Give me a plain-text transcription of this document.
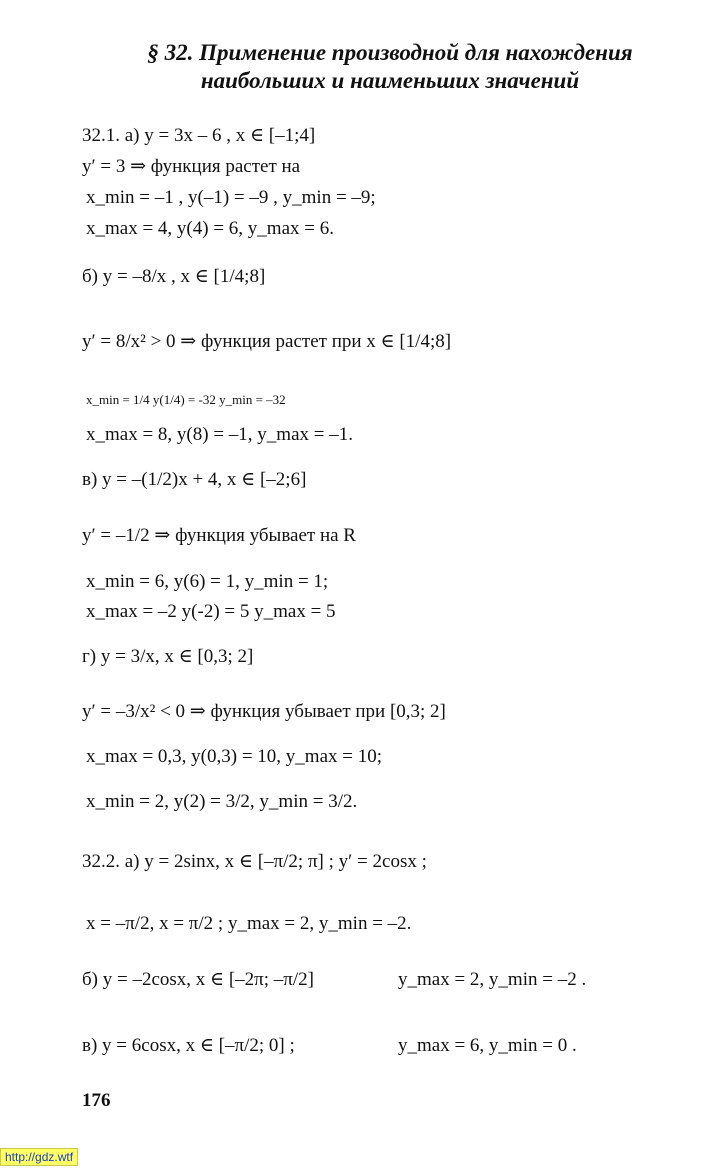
§ 32. Применение производной для нахождения
наибольших и наименьших значений
32.1. а) y = 3x – 6 , x ∈ [–1;4]
y′ = 3 ⇒ функция растет на
x_min = –1 , y(–1) = –9 , y_min = –9;
x_max = 4, y(4) = 6, y_max = 6.
б) y = –8/x , x ∈ [1/4;8]
y′ = 8/x² > 0 ⇒ функция растет при x ∈ [1/4;8]
x_min = 1/4 y(1/4) = -32 y_min = –32
x_max = 8, y(8) = –1, y_max = –1.
в) y = –(1/2)x + 4, x ∈ [–2;6]
y′ = –1/2 ⇒ функция убывает на R
x_min = 6, y(6) = 1, y_min = 1;
x_max = –2 y(-2) = 5 y_max = 5
г) y = 3/x, x ∈ [0,3; 2]
y′ = –3/x² < 0 ⇒ функция убывает при [0,3; 2]
x_max = 0,3, y(0,3) = 10, y_max = 10;
x_min = 2, y(2) = 3/2, y_min = 3/2.
32.2. а) y = 2sinx, x ∈ [–π/2; π] ; y′ = 2cosx ;
x = –π/2, x = π/2 ; y_max = 2, y_min = –2.
б) y = –2cosx, x ∈ [–2π; –π/2]	y_max = 2, y_min = –2 .
в) y = 6cosx, x ∈ [–π/2; 0] ;	y_max = 6, y_min = 0 .
176
http://gdz.wtf
